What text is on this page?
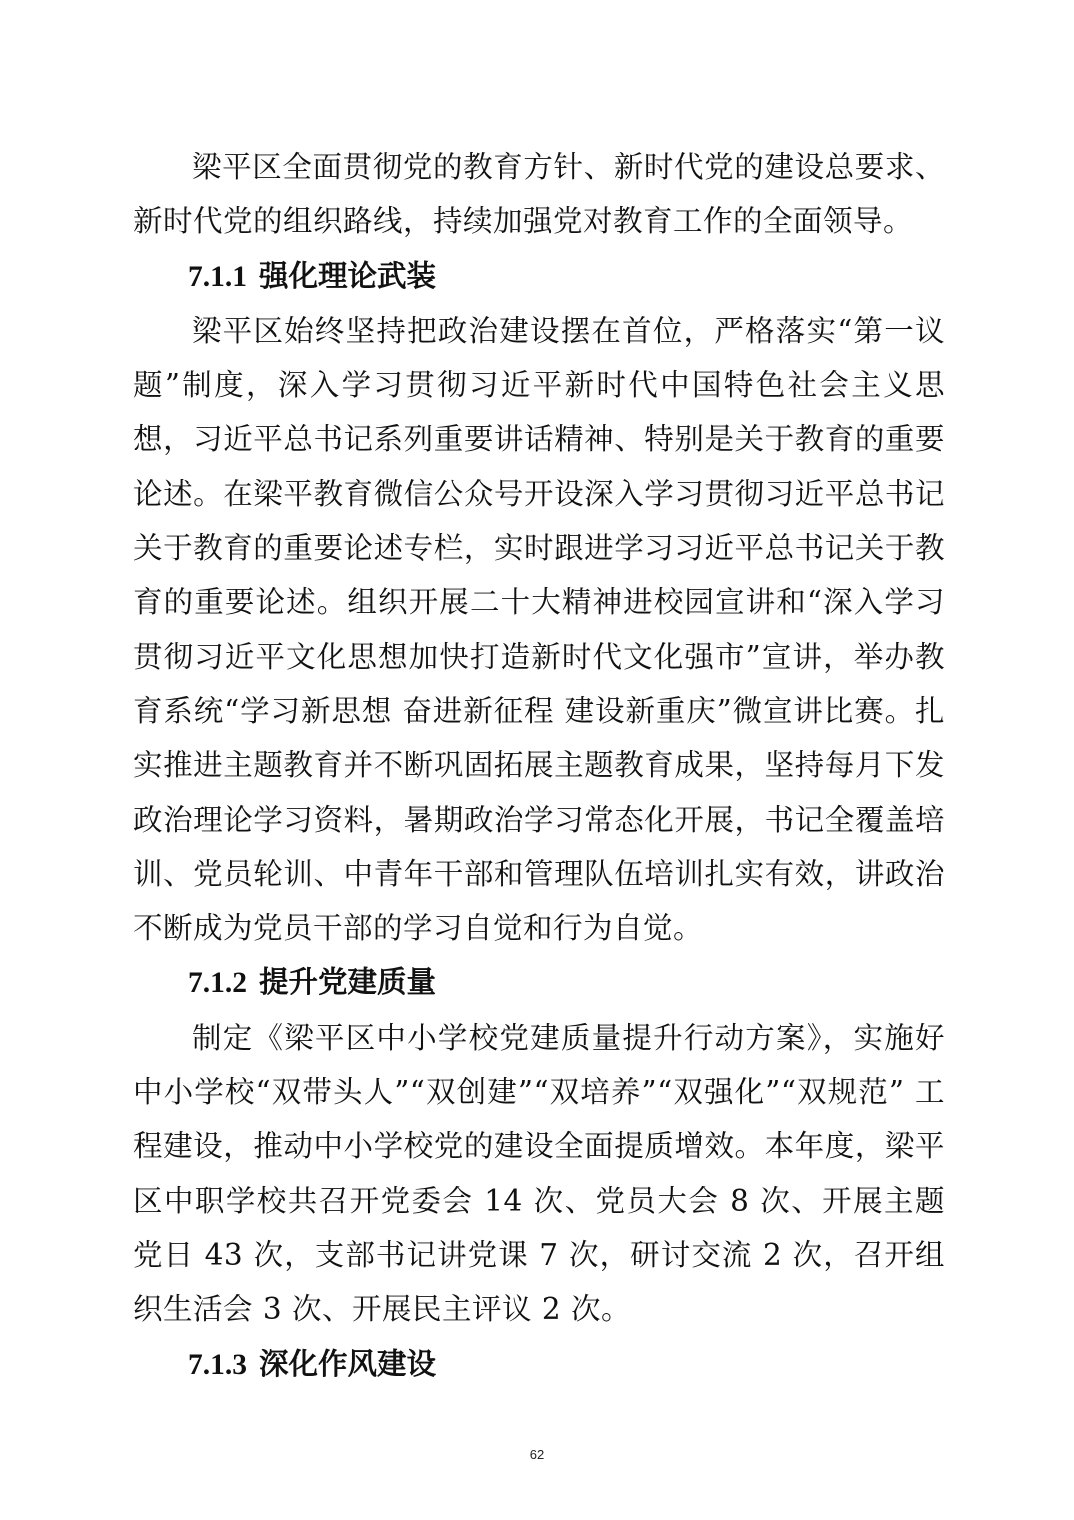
梁平区全面贯彻党的教育方针、新时代党的建设总要求、新时代党的组织路线，持续加强党对教育工作的全面领导。

7.1.1 强化理论武装

梁平区始终坚持把政治建设摆在首位，严格落实“第一议题”制度，深入学习贯彻习近平新时代中国特色社会主义思想，习近平总书记系列重要讲话精神、特别是关于教育的重要论述。在梁平教育微信公众号开设深入学习贯彻习近平总书记关于教育的重要论述专栏，实时跟进学习习近平总书记关于教育的重要论述。组织开展二十大精神进校园宣讲和“深入学习贯彻习近平文化思想加快打造新时代文化强市”宣讲，举办教育系统“学习新思想 奋进新征程 建设新重庆”微宣讲比赛。扎实推进主题教育并不断巩固拓展主题教育成果，坚持每月下发政治理论学习资料，暑期政治学习常态化开展，书记全覆盖培训、党员轮训、中青年干部和管理队伍培训扎实有效，讲政治不断成为党员干部的学习自觉和行为自觉。

7.1.2 提升党建质量

制定《梁平区中小学校党建质量提升行动方案》，实施好中小学校“双带头人”“双创建”“双培养”“双强化”“双规范” 工程建设，推动中小学校党的建设全面提质增效。本年度，梁平区中职学校共召开党委会 14 次、党员大会 8 次、开展主题党日 43 次，支部书记讲党课 7 次，研讨交流 2 次，召开组织生活会 3 次、开展民主评议 2 次。

7.1.3 深化作风建设
62
